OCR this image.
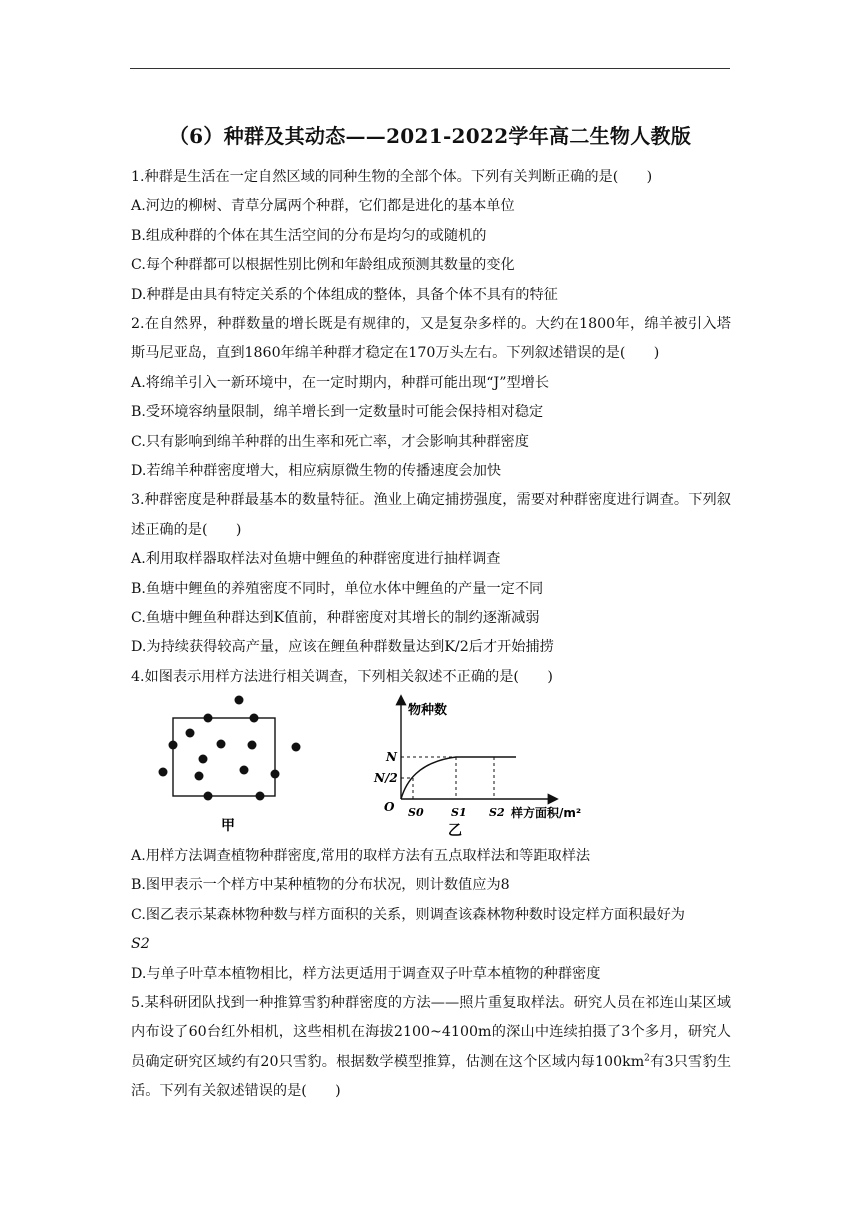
（6）种群及其动态——2021-2022学年高二生物人教版
1.种群是生活在一定自然区域的同种生物的全部个体。下列有关判断正确的是(　　)
A.河边的柳树、青草分属两个种群，它们都是进化的基本单位
B.组成种群的个体在其生活空间的分布是均匀的或随机的
C.每个种群都可以根据性别比例和年龄组成预测其数量的变化
D.种群是由具有特定关系的个体组成的整体，具备个体不具有的特征
2.在自然界，种群数量的增长既是有规律的，又是复杂多样的。大约在1800年，绵羊被引入塔斯马尼亚岛，直到1860年绵羊种群才稳定在170万头左右。下列叙述错误的是(　　)
A.将绵羊引入一新环境中，在一定时期内，种群可能出现“J”型增长
B.受环境容纳量限制，绵羊增长到一定数量时可能会保持相对稳定
C.只有影响到绵羊种群的出生率和死亡率，才会影响其种群密度
D.若绵羊种群密度增大，相应病原微生物的传播速度会加快
3.种群密度是种群最基本的数量特征。渔业上确定捕捞强度，需要对种群密度进行调查。下列叙述正确的是(　　)
A.利用取样器取样法对鱼塘中鲤鱼的种群密度进行抽样调查
B.鱼塘中鲤鱼的养殖密度不同时，单位水体中鲤鱼的产量一定不同
C.鱼塘中鲤鱼种群达到K值前，种群密度对其增长的制约逐渐减弱
D.为持续获得较高产量，应该在鲤鱼种群数量达到K/2后才开始捕捞
4.如图表示用样方法进行相关调查，下列相关叙述不正确的是(　　)
甲
物种数
样方面积/m²
O
N
N/2
S0 S1 S2
乙
A.用样方法调查植物种群密度,常用的取样方法有五点取样法和等距取样法
B.图甲表示一个样方中某种植物的分布状况，则计数值应为8
C.图乙表示某森林物种数与样方面积的关系，则调查该森林物种数时设定样方面积最好为
S2
D.与单子叶草本植物相比，样方法更适用于调查双子叶草本植物的种群密度
5.某科研团队找到一种推算雪豹种群密度的方法——照片重复取样法。研究人员在祁连山某区域内布设了60台红外相机，这些相机在海拔2100~4100m的深山中连续拍摄了3个多月，研究人员确定研究区域约有20只雪豹。根据数学模型推算，估测在这个区域内每$100km^2$有3只雪豹生活。下列有关叙述错误的是(　　)
